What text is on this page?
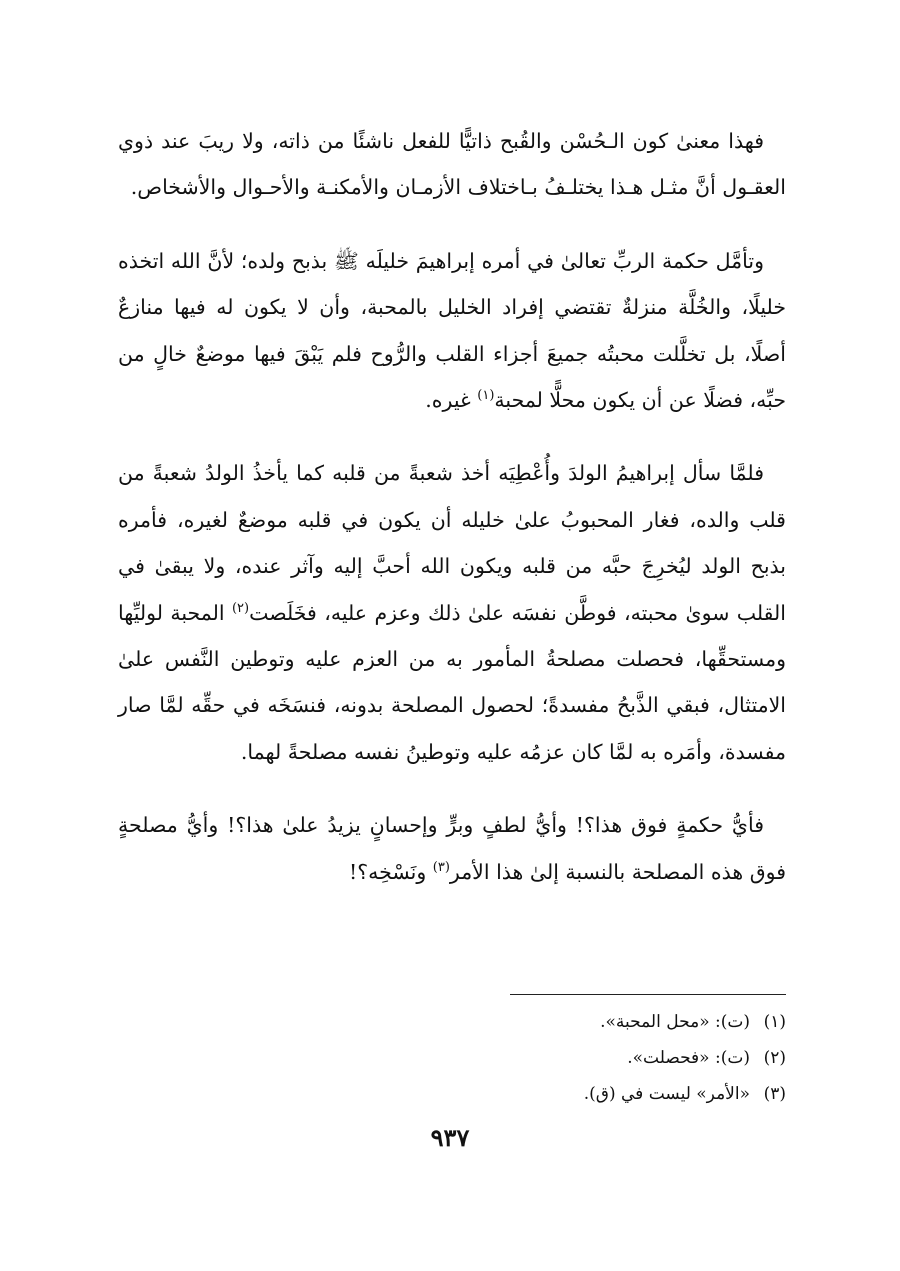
فهذا معنىٰ كون الـحُسْن والقُبح ذاتيًّا للفعل ناشئًا من ذاته، ولا ريبَ عند ذوي العقـول أنَّ مثـل هـذا يختلـفُ بـاختلاف الأزمـان والأمكنـة والأحـوال والأشخاص.

وتأمَّل حكمة الربِّ تعالىٰ في أمره إبراهيمَ خليلَه ﷺ بذبح ولده؛ لأنَّ الله اتخذه خليلًا، والخُلَّة منزلةٌ تقتضي إفراد الخليل بالمحبة، وأن لا يكون له فيها منازعٌ أصلًا، بل تخلَّلت محبتُه جميعَ أجزاء القلب والرُّوح فلم يَبْقَ فيها موضعٌ خالٍ من حبِّه، فضلًا عن أن يكون محلًّا لمحبة$^{(١)}$ غيره.

فلمَّا سأل إبراهيمُ الولدَ وأُعْطِيَه أخذ شعبةً من قلبه كما يأخذُ الولدُ شعبةً من قلب والده، فغار المحبوبُ علىٰ خليله أن يكون في قلبه موضعٌ لغيره، فأمره بذبح الولد ليُخرِجَ حبَّه من قلبه ويكون الله أحبَّ إليه وآثر عنده، ولا يبقىٰ في القلب سوىٰ محبته، فوطَّن نفسَه علىٰ ذلك وعزم عليه، فخَلَصت$^{(٢)}$ المحبة لوليِّها ومستحقِّها، فحصلت مصلحةُ المأمور به من العزم عليه وتوطين النَّفس علىٰ الامتثال، فبقي الذَّبحُ مفسدةً؛ لحصول المصلحة بدونه، فنسَخَه في حقِّه لمَّا صار مفسدة، وأمَره به لمَّا كان عزمُه عليه وتوطينُ نفسه مصلحةً لهما.

فأيُّ حكمةٍ فوق هذا؟! وأيُّ لطفٍ وبرٍّ وإحسانٍ يزيدُ علىٰ هذا؟! وأيُّ مصلحةٍ فوق هذه المصلحة بالنسبة إلىٰ هذا الأمر$^{(٣)}$ ونَسْخِه؟!

(١)(ت): «محل المحبة».
(٢)(ت): «فحصلت».
(٣)«الأمر» ليست في (ق).
٩٣٧
